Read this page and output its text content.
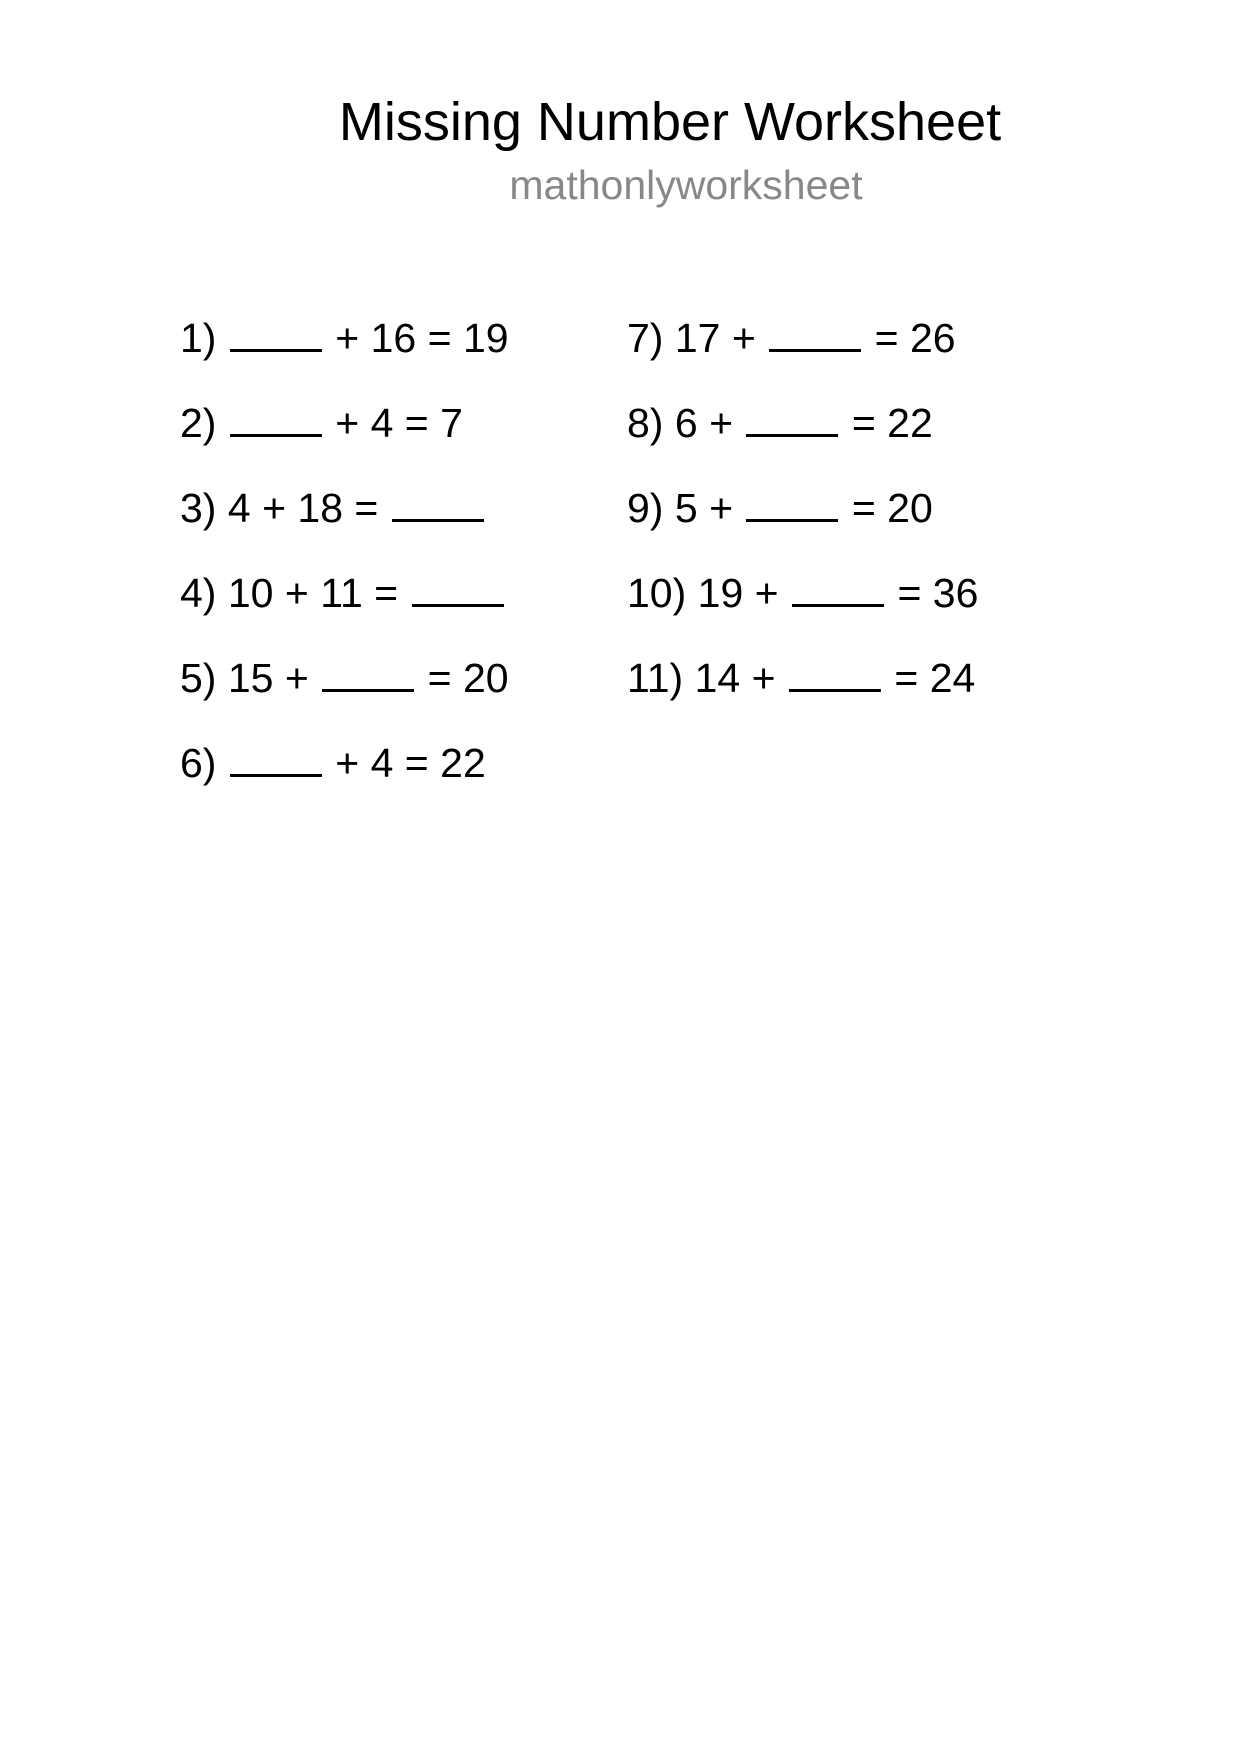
Missing Number Worksheet
mathonlyworksheet
1)	+ 16 = 19
2)	+ 4 = 7
3) 4 + 18 =
4) 10 + 11 =
5) 15 +	= 20
6)	+ 4 = 22
7) 17 +	= 26
8) 6 +	= 22
9) 5 +	= 20
10) 19 +	= 36
11) 14 +	= 24
